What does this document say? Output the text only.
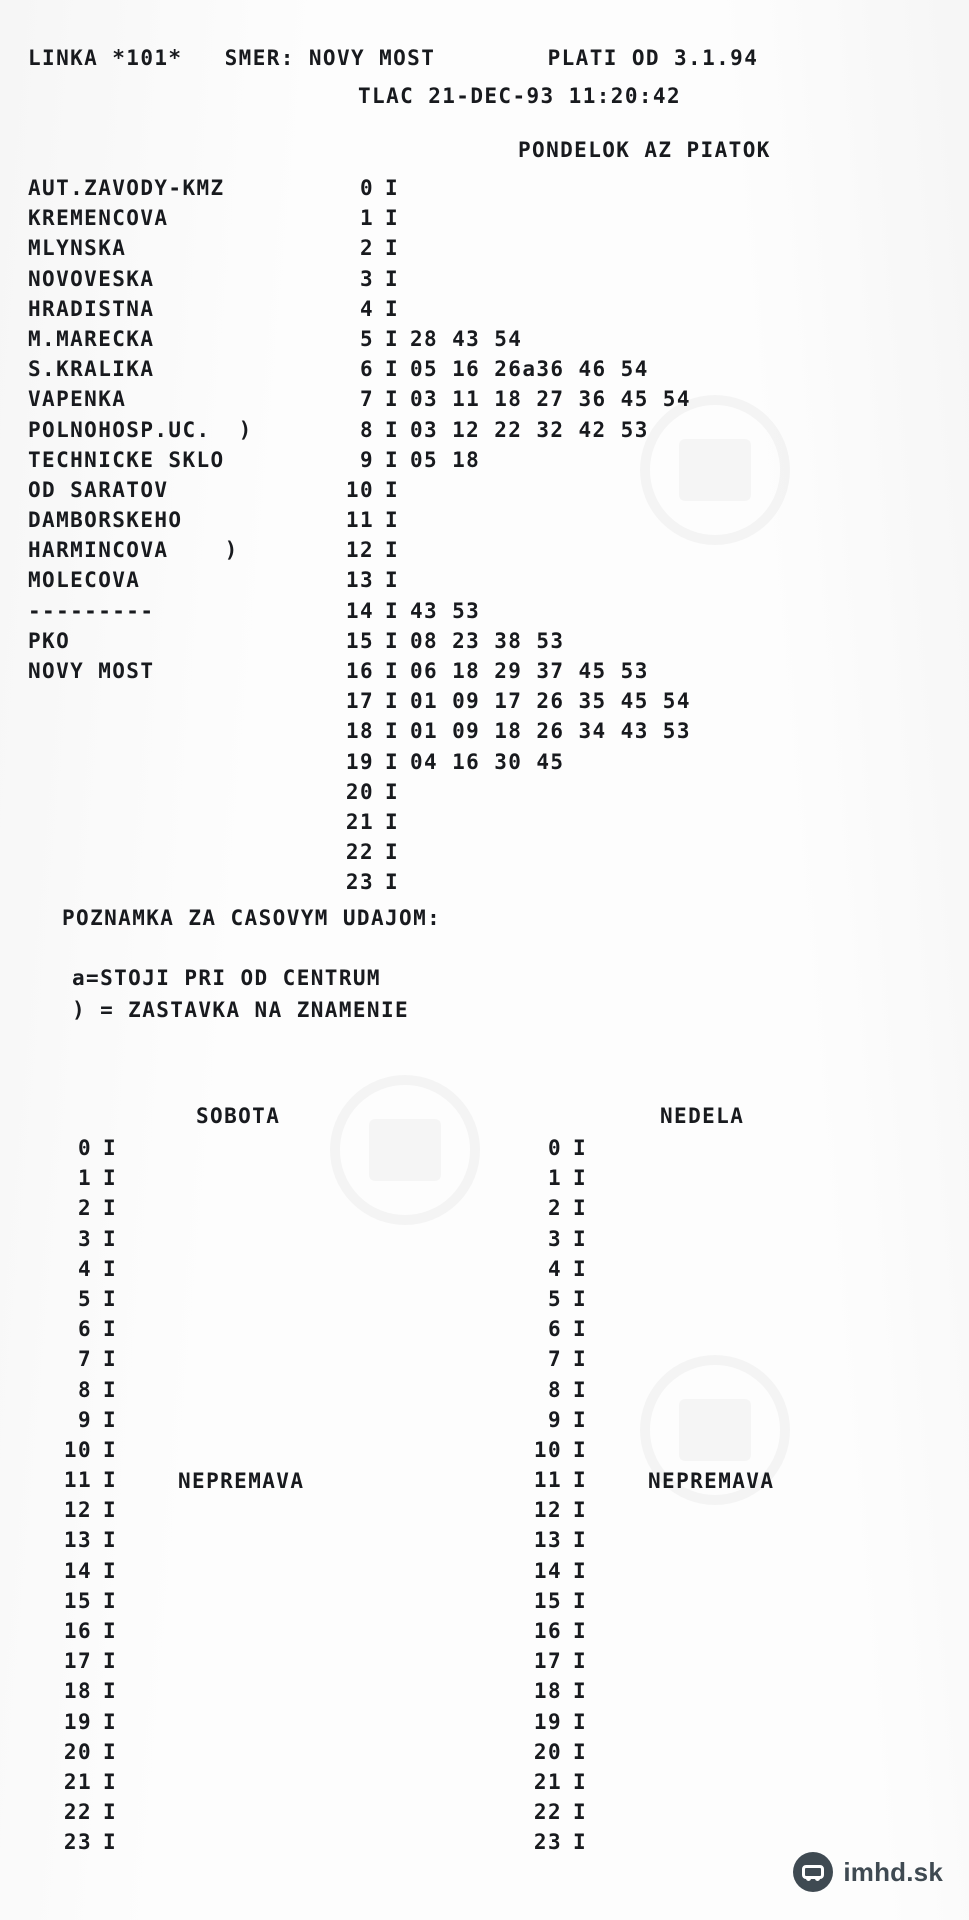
LINKA *101*   SMER: NOVY MOST        PLATI OD 3.1.94
TLAC 21-DEC-93 11:20:42
PONDELOK AZ PIATOK
AUT.ZAVODY-KMZ	0 I
KREMENCOVA	1 I
MLYNSKA	2 I
NOVOVESKA	3 I
HRADISTNA	4 I
M.MARECKA	5 I 28 43 54
S.KRALIKA	6 I 05 16 26a36 46 54
VAPENKA	7 I 03 11 18 27 36 45 54
POLNOHOSP.UC.  )	8 I 03 12 22 32 42 53
TECHNICKE SKLO	9 I 05 18
OD SARATOV	10 I
DAMBORSKEHO	11 I
HARMINCOVA    )	12 I
MOLECOVA	13 I
---------	14 I 43 53
PKO	15 I 08 23 38 53
NOVY MOST	16 I 06 18 29 37 45 53
17 I 01 09 17 26 35 45 54
18 I 01 09 18 26 34 43 53
19 I 04 16 30 45
20 I
21 I
22 I
23 I
POZNAMKA ZA CASOVYM UDAJOM:
a=STOJI PRI OD CENTRUM
) = ZASTAVKA NA ZNAMENIE
SOBOTA	NEDELA
0 I
1 I
2 I
3 I
4 I
5 I
6 I
7 I
8 I
9 I
10 I
11 I
12 I
13 I
14 I
15 I
16 I
17 I
18 I
19 I
20 I
21 I
22 I
23 I
0 I
1 I
2 I
3 I
4 I
5 I
6 I
7 I
8 I
9 I
10 I
11 I
12 I
13 I
14 I
15 I
16 I
17 I
18 I
19 I
20 I
21 I
22 I
23 I
NEPREMAVA	NEPREMAVA
imhd.sk
